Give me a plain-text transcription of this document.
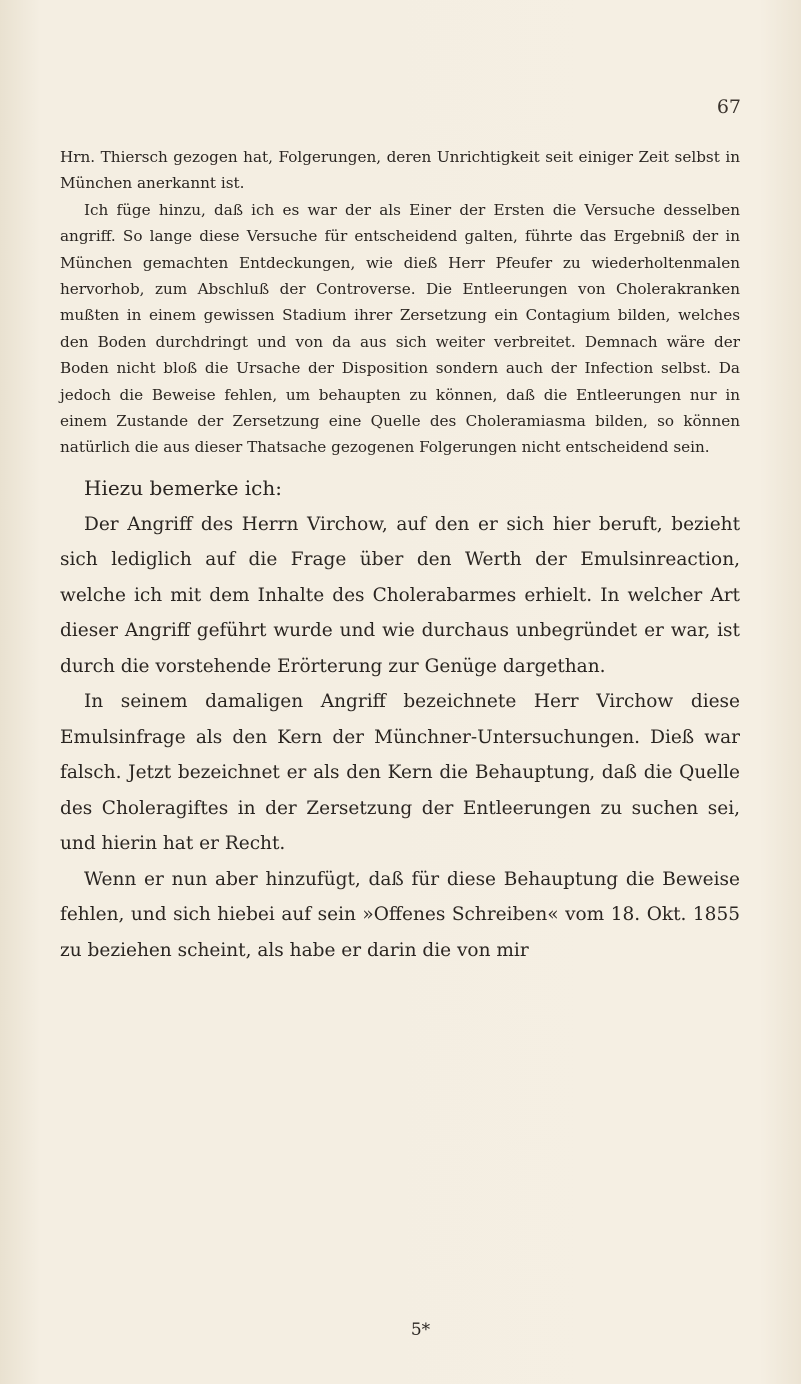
67

Hrn. Thiersch gezogen hat, Folgerungen, deren Unrichtigkeit seit einiger Zeit selbst in München anerkannt ist.

Ich füge hinzu, daß ich es war der als Einer der Ersten die Versuche desselben angriff. So lange diese Versuche für entscheidend galten, führte das Ergebniß der in München gemachten Entdeckungen, wie dieß Herr Pfeufer zu wiederholtenmalen hervorhob, zum Abschluß der Controverse. Die Entleerungen von Cholerakranken mußten in einem gewissen Stadium ihrer Zersetzung ein Contagium bilden, welches den Boden durchdringt und von da aus sich weiter verbreitet. Demnach wäre der Boden nicht bloß die Ursache der Disposition sondern auch der Infection selbst. Da jedoch die Beweise fehlen, um behaupten zu können, daß die Entleerungen nur in einem Zustande der Zersetzung eine Quelle des Choleramiasma bilden, so können natürlich die aus dieser Thatsache gezogenen Folgerungen nicht entscheidend sein.

Hiezu bemerke ich:

Der Angriff des Herrn Virchow, auf den er sich hier beruft, bezieht sich lediglich auf die Frage über den Werth der Emulsinreaction, welche ich mit dem Inhalte des Cholerabarmes erhielt. In welcher Art dieser Angriff geführt wurde und wie durchaus unbegründet er war, ist durch die vorstehende Erörterung zur Genüge dargethan.

In seinem damaligen Angriff bezeichnete Herr Virchow diese Emulsinfrage als den Kern der Münchner-Untersuchungen. Dieß war falsch. Jetzt bezeichnet er als den Kern die Behauptung, daß die Quelle des Choleragiftes in der Zersetzung der Entleerungen zu suchen sei, und hierin hat er Recht.

Wenn er nun aber hinzufügt, daß für diese Behauptung die Beweise fehlen, und sich hiebei auf sein »Offenes Schreiben« vom 18. Okt. 1855 zu beziehen scheint, als habe er darin die von mir

5*
